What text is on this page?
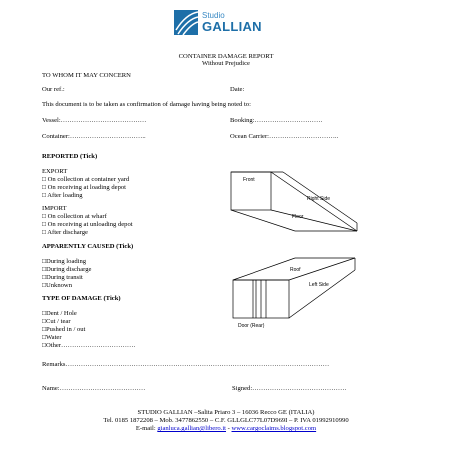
Studio
GALLIAN
CONTAINER DAMAGE REPORT
Without Prejudice
TO WHOM IT MAY CONCERN
Our ref.:	Date:
This document is to be taken as confirmation of damage having being noted to:
Vessel:…………………………………	Booking:………………………….
Container:……………………………..	Ocean Carrier:…………………………..
REPORTED (Tick)
EXPORT
□ On collection at container yard
□ On receiving at loading depot
□ After loading
IMPORT
□ On collection at wharf
□ On receiving at unloading depot
□ After discharge
APPARENTLY CAUSED (Tick)
□During loading
□During discharge
□During transit
□Unknown
TYPE OF DAMAGE (Tick)
□Dent / Hole
□Cut / tear
□Pushed in / out
□Water
□Other…………………………….
Front
Right Side
Floor
Roof
Left Side
Door (Rear)
Remarks…………………………………………………………………………………………………………
Name:…………………………………	Signed:…………………………………….
STUDIO GALLIAN –Salita Priaro 3 – 16036 Recco GE (ITALIA)
Tel. 0185 1872208 – Mob. 3477862550 – C.F. GLLGLC77L07D969I – P. IVA 01992910990
E-mail: gianluca.gallian@libero.it - www.cargoclaims.blogspot.com
